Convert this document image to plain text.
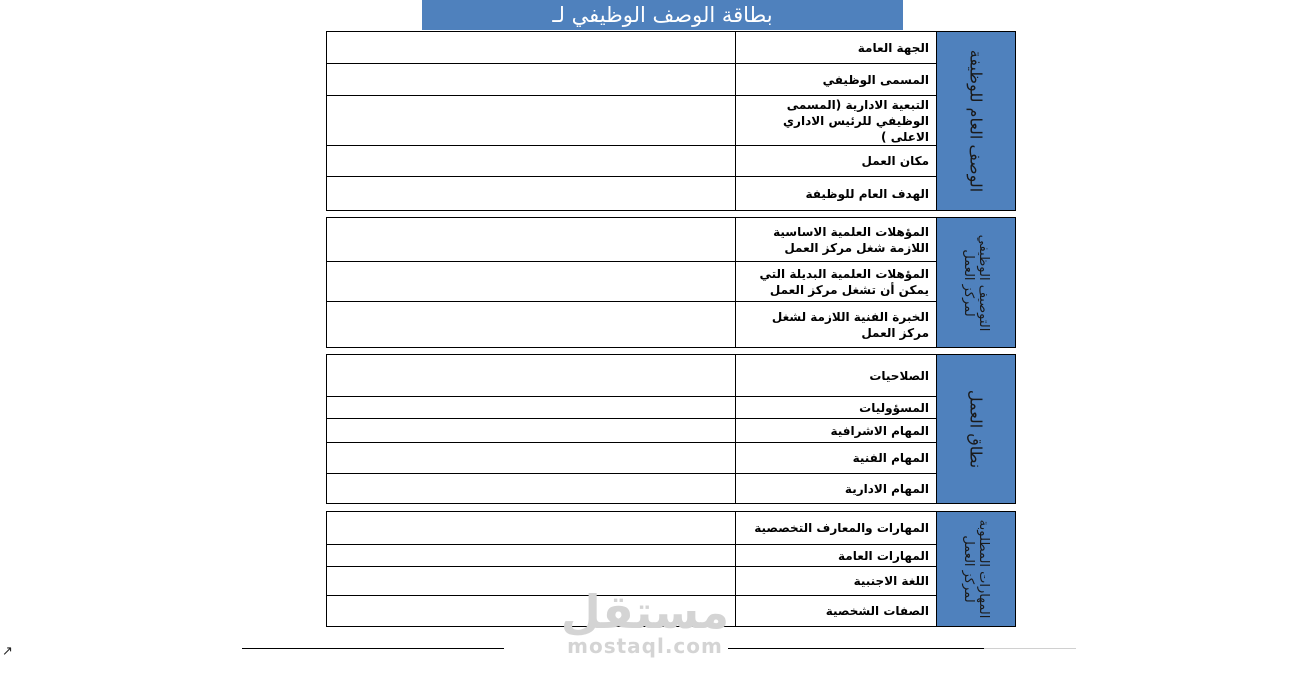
بطاقة الوصف الوظيفي لـ
الجهة العامة
المسمى الوظيفي
التبعية الادارية (المسمى الوظيفي للرئيس الاداري الاعلى )
مكان العمل
الهدف العام للوظيفة
الوصف العام للوظيفة
المؤهلات العلمية الاساسية اللازمة شغل مركز العمل
المؤهلات العلمية البديلة التي يمكن أن تشغل مركز العمل
الخبرة الفنية اللازمة لشغل مركز العمل
التوصيف الوظيفي لمركز العمل
الصلاحيات
المسؤوليات
المهام الاشرافية
المهام الفنية
المهام الادارية
نطاق العمل
المهارات والمعارف التخصصية
المهارات العامة
اللغة الاجنبية
الصفات الشخصية	المهارات المطلوبة لمركز العمل
مستقل
mostaql.com
↗
